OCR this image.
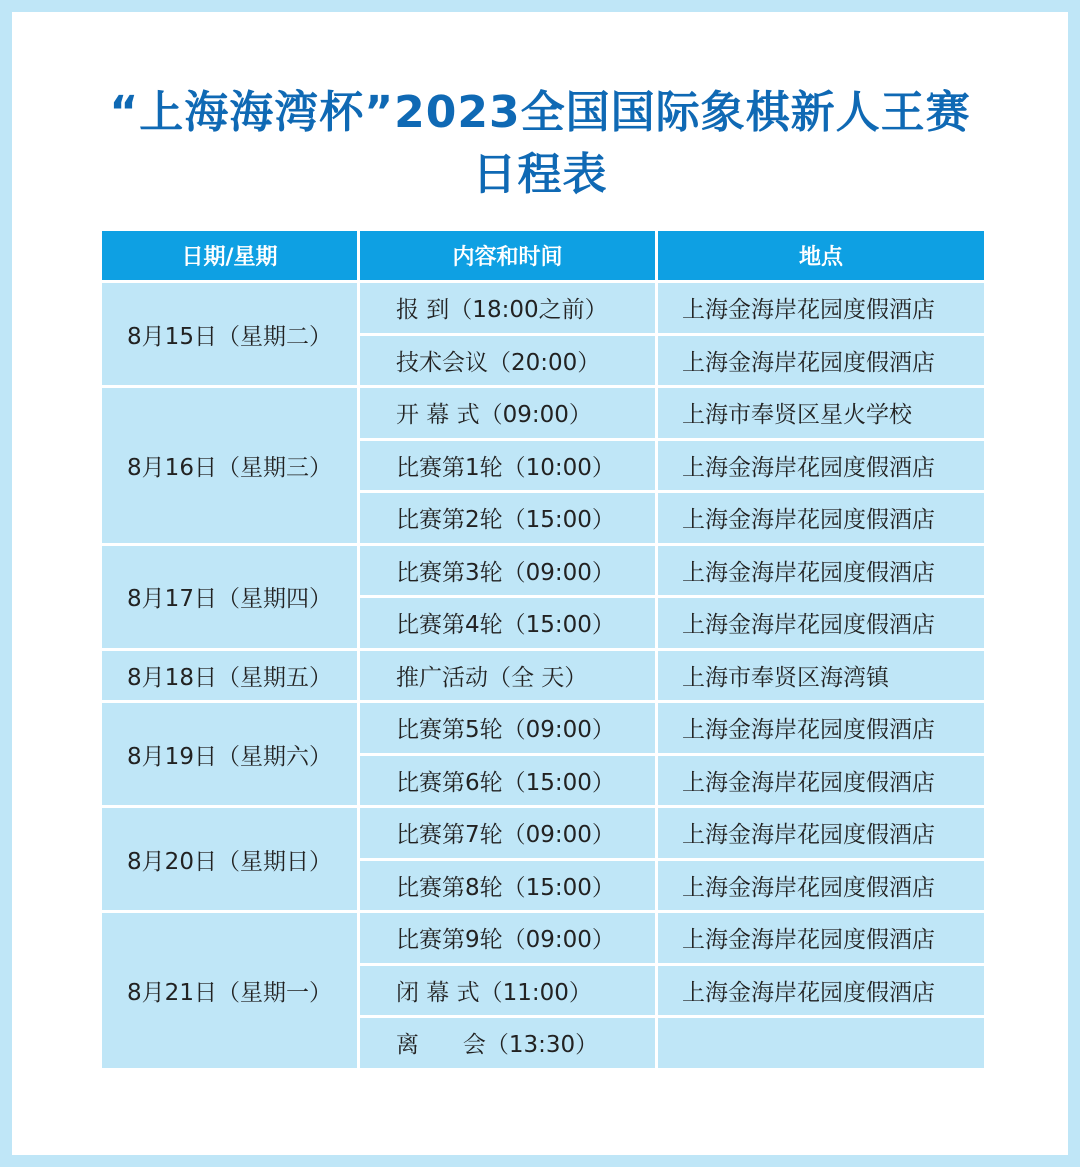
“上海海湾杯”2023全国国际象棋新人王赛
日程表
日期/星期	内容和时间	地点
8月15日（星期二）	报 到（18:00之前）	上海金海岸花园度假酒店
	技术会议（20:00）	上海金海岸花园度假酒店
8月16日（星期三）	开 幕 式（09:00）	上海市奉贤区星火学校
	比赛第1轮（10:00）	上海金海岸花园度假酒店
	比赛第2轮（15:00）	上海金海岸花园度假酒店
8月17日（星期四）	比赛第3轮（09:00）	上海金海岸花园度假酒店
	比赛第4轮（15:00）	上海金海岸花园度假酒店
8月18日（星期五）	推广活动（全 天）	上海市奉贤区海湾镇
8月19日（星期六）	比赛第5轮（09:00）	上海金海岸花园度假酒店
	比赛第6轮（15:00）	上海金海岸花园度假酒店
8月20日（星期日）	比赛第7轮（09:00）	上海金海岸花园度假酒店
	比赛第8轮（15:00）	上海金海岸花园度假酒店
8月21日（星期一）	比赛第9轮（09:00）	上海金海岸花园度假酒店
	闭 幕 式（11:00）	上海金海岸花园度假酒店
	离      会（13:30）	
